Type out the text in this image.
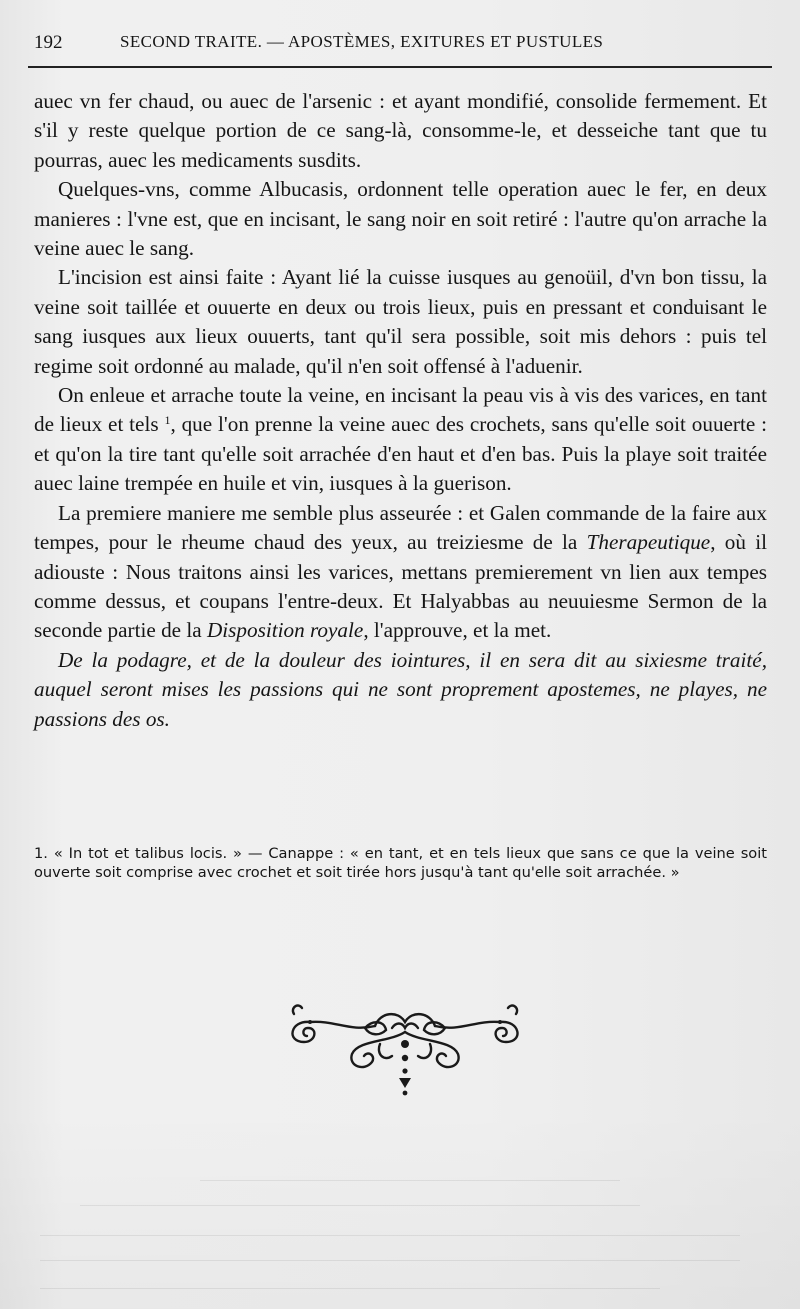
192	SECOND TRAITE. — APOSTÈMES, EXITURES ET PUSTULES

auec vn fer chaud, ou auec de l'arsenic : et ayant mondifié, consolide fermement. Et s'il y reste quelque portion de ce sang-là, consomme-le, et desseiche tant que tu pourras, auec les medicaments susdits.

Quelques-vns, comme Albucasis, ordonnent telle operation auec le fer, en deux manieres : l'vne est, que en incisant, le sang noir en soit retiré : l'autre qu'on arrache la veine auec le sang.

L'incision est ainsi faite : Ayant lié la cuisse iusques au genoüil, d'vn bon tissu, la veine soit taillée et ouuerte en deux ou trois lieux, puis en pressant et conduisant le sang iusques aux lieux ouuerts, tant qu'il sera possible, soit mis dehors : puis tel regime soit ordonné au malade, qu'il n'en soit offensé à l'aduenir.

On enleue et arrache toute la veine, en incisant la peau vis à vis des varices, en tant de lieux et tels $^1$, que l'on prenne la veine auec des crochets, sans qu'elle soit ouuerte : et qu'on la tire tant qu'elle soit arrachée d'en haut et d'en bas. Puis la playe soit traitée auec laine trempée en huile et vin, iusques à la guerison.

La premiere maniere me semble plus asseurée : et Galen commande de la faire aux tempes, pour le rheume chaud des yeux, au treiziesme de la Therapeutique, où il adiouste : Nous traitons ainsi les varices, mettans premierement vn lien aux tempes comme dessus, et coupans l'entre-deux. Et Halyabbas au neuuiesme Sermon de la seconde partie de la Disposition royale, l'approuve, et la met.

De la podagre, et de la douleur des iointures, il en sera dit au sixiesme traité, auquel seront mises les passions qui ne sont proprement apostemes, ne playes, ne passions des os.

1. « In tot et talibus locis. » — Canappe : « en tant, et en tels lieux que sans ce que la veine soit ouverte soit comprise avec crochet et soit tirée hors jusqu'à tant qu'elle soit arrachée. »
